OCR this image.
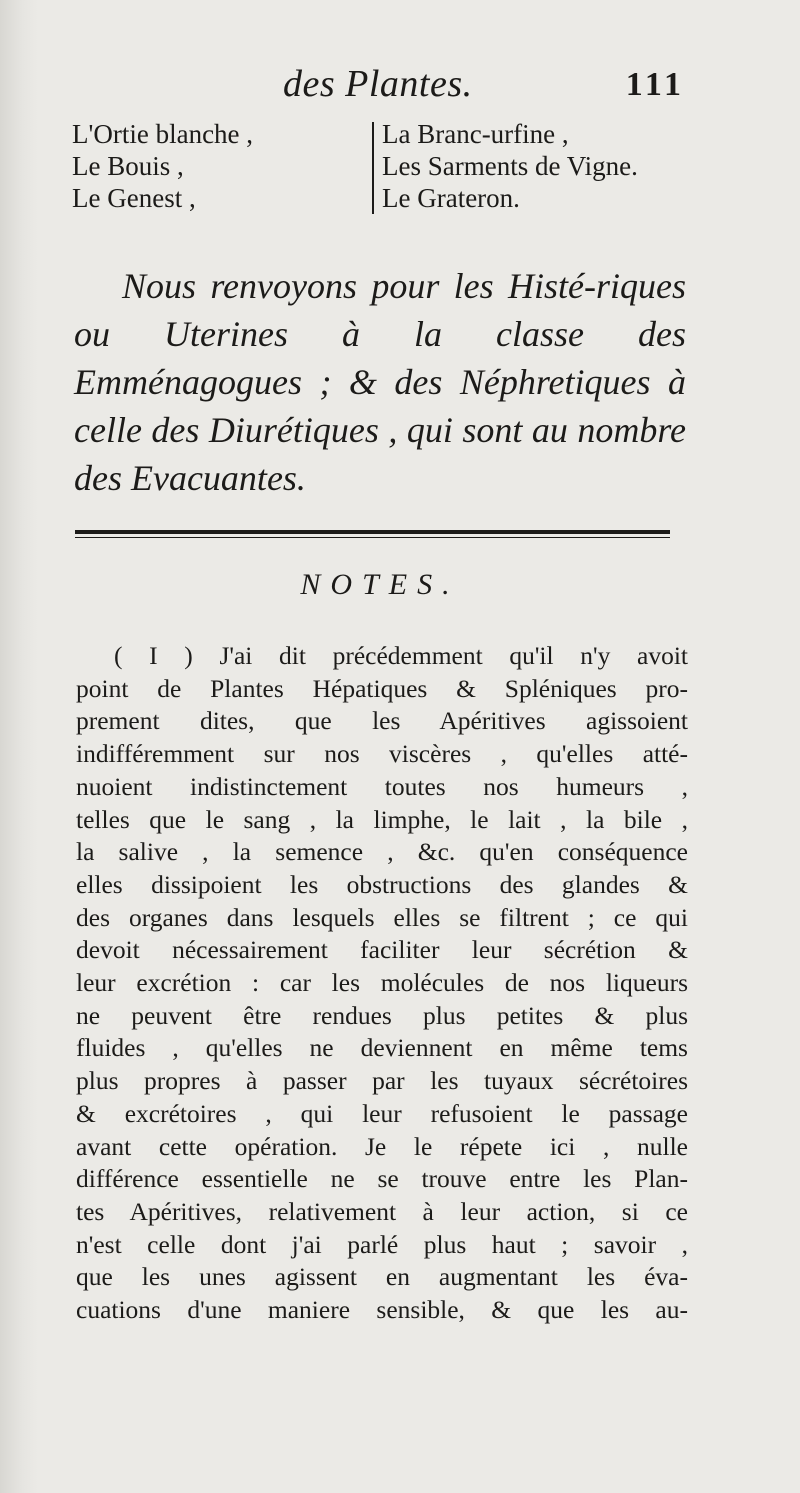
des Plantes.	111
L'Ortie blanche ,
Le Bouis ,
Le Genest ,
La Branc-urfine ,
Les Sarments de Vigne.
Le Grateron.

Nous renvoyons pour les Histé-riques ou Uterines à la classe des Emménagogues ; & des Néphretiques à celle des Diurétiques , qui sont au nombre des Evacuantes.

NOTES.
( I ) J'ai dit précédemment qu'il n'y avoit
point de Plantes Hépatiques & Spléniques pro-
prement dites, que les Apéritives agissoient
indifféremment sur nos viscères , qu'elles atté-
nuoient indistinctement toutes nos humeurs ,
telles que le sang , la limphe, le lait , la bile ,
la salive , la semence , &c. qu'en conséquence
elles dissipoient les obstructions des glandes &
des organes dans lesquels elles se filtrent ; ce qui
devoit nécessairement faciliter leur sécrétion &
leur excrétion : car les molécules de nos liqueurs
ne peuvent être rendues plus petites & plus
fluides , qu'elles ne deviennent en même tems
plus propres à passer par les tuyaux sécrétoires
& excrétoires , qui leur refusoient le passage
avant cette opération. Je le répete ici , nulle
différence essentielle ne se trouve entre les Plan-
tes Apéritives, relativement à leur action, si ce
n'est celle dont j'ai parlé plus haut ; savoir ,
que les unes agissent en augmentant les éva-
cuations d'une maniere sensible, & que les au-
